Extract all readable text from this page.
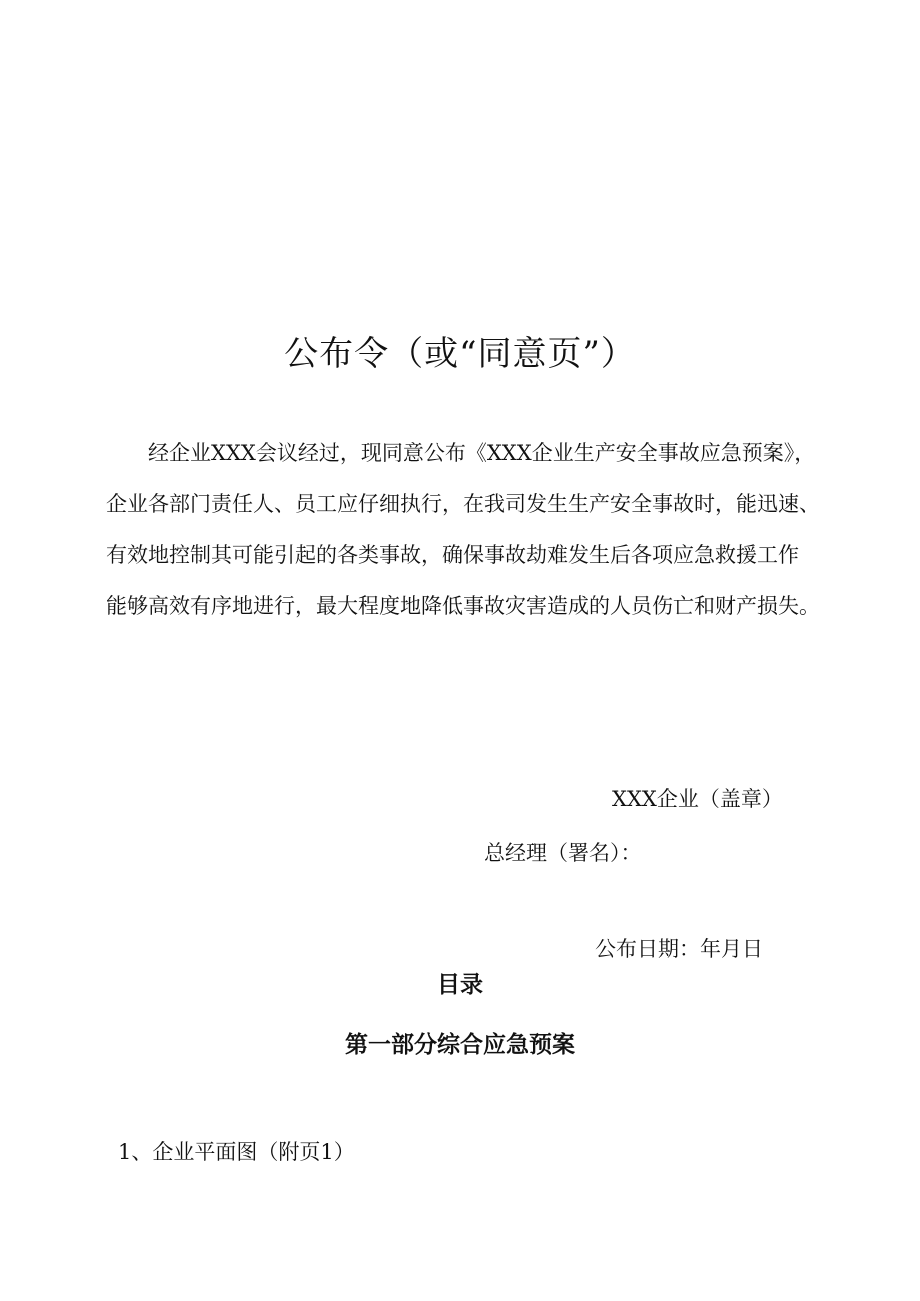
公布令（或“同意页”）
经企业XXX会议经过，现同意公布《XXX企业生产安全事故应急预案》，
企业各部门责任人、员工应仔细执行，在我司发生生产安全事故时，能迅速、
有效地控制其可能引起的各类事故，确保事故劫难发生后各项应急救援工作
能够高效有序地进行，最大程度地降低事故灾害造成的人员伤亡和财产损失。
XXX企业（盖章）
总经理（署名）：
公布日期：年月日
目录
第一部分综合应急预案
1、企业平面图（附页1）
